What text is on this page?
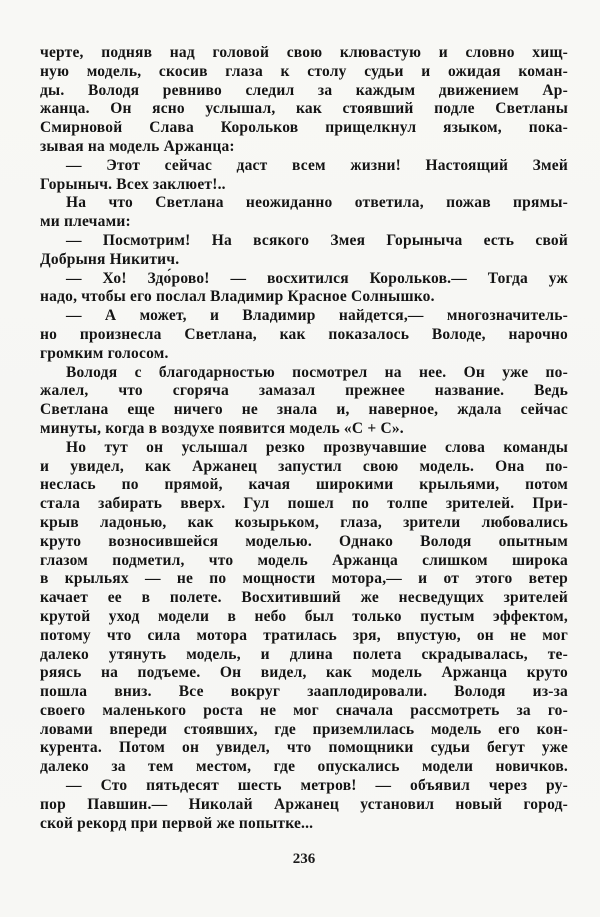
черте, подняв над головой свою клювастую и словно хищ-
ную модель, скосив глаза к столу судьи и ожидая коман-
ды. Володя ревниво следил за каждым движением Ар-
жанца. Он ясно услышал, как стоявший подле Светланы
Смирновой Слава Корольков прищелкнул языком, пока-
зывая на модель Аржанца:
— Этот сейчас даст всем жизни! Настоящий Змей
Горыныч. Всех заклюет!..
На что Светлана неожиданно ответила, пожав прямы-
ми плечами:
— Посмотрим! На всякого Змея Горыныча есть свой
Добрыня Никитич.
— Хо! Здо́рово! — восхитился Корольков.— Тогда уж
надо, чтобы его послал Владимир Красное Солнышко.
— А может, и Владимир найдется,— многозначитель-
но произнесла Светлана, как показалось Володе, нарочно
громким голосом.
Володя с благодарностью посмотрел на нее. Он уже по-
жалел, что сгоряча замазал прежнее название. Ведь
Светлана еще ничего не знала и, наверное, ждала сейчас
минуты, когда в воздухе появится модель «С + С».
Но тут он услышал резко прозвучавшие слова команды
и увидел, как Аржанец запустил свою модель. Она по-
неслась по прямой, качая широкими крыльями, потом
стала забирать вверх. Гул пошел по толпе зрителей. При-
крыв ладонью, как козырьком, глаза, зрители любовались
круто возносившейся моделью. Однако Володя опытным
глазом подметил, что модель Аржанца слишком широка
в крыльях — не по мощности мотора,— и от этого ветер
качает ее в полете. Восхитивший же несведущих зрителей
крутой уход модели в небо был только пустым эффектом,
потому что сила мотора тратилась зря, впустую, он не мог
далеко утянуть модель, и длина полета скрадывалась, те-
ряясь на подъеме. Он видел, как модель Аржанца круто
пошла вниз. Все вокруг зааплодировали. Володя из-за
своего маленького роста не мог сначала рассмотреть за го-
ловами впереди стоявших, где приземлилась модель его кон-
курента. Потом он увидел, что помощники судьи бегут уже
далеко за тем местом, где опускались модели новичков.
— Сто пятьдесят шесть метров! — объявил через ру-
пор Павшин.— Николай Аржанец установил новый город-
ской рекорд при первой же попытке...
236
